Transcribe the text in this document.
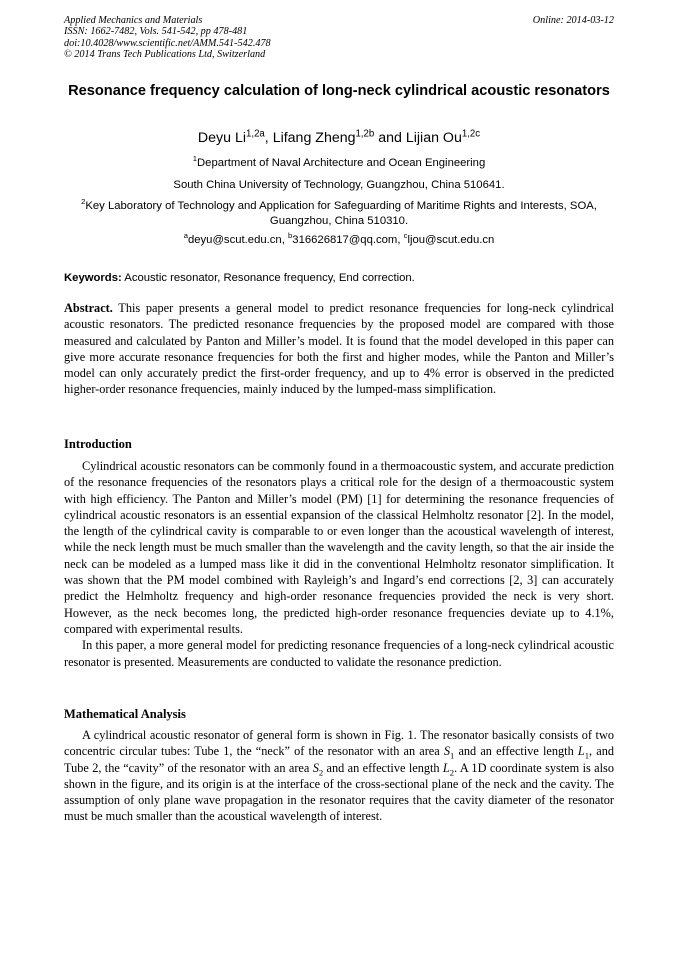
Applied Mechanics and Materials
ISSN: 1662-7482, Vols. 541-542, pp 478-481
doi:10.4028/www.scientific.net/AMM.541-542.478
© 2014 Trans Tech Publications Ltd, Switzerland
Online: 2014-03-12
Resonance frequency calculation of long-neck cylindrical acoustic resonators
Deyu $Li^{1,2a}$, Lifang Zheng$^{1,2b}$ and Lijian $Ou^{1,2c}$
$^1$Department of Naval Architecture and Ocean Engineering
South China University of Technology, Guangzhou, China 510641.
$^2$Key Laboratory of Technology and Application for Safeguarding of Maritime Rights and Interests, SOA, Guangzhou, China 510310.
$^a$deyu@scut.edu.cn, $^b$316626817@qq.com, $^c$ljou@scut.edu.cn
Keywords: Acoustic resonator, Resonance frequency, End correction.
Abstract. This paper presents a general model to predict resonance frequencies for long-neck cylindrical acoustic resonators. The predicted resonance frequencies by the proposed model are compared with those measured and calculated by Panton and Miller’s model. It is found that the model developed in this paper can give more accurate resonance frequencies for both the first and higher modes, while the Panton and Miller’s model can only accurately predict the first-order frequency, and up to 4% error is observed in the predicted higher-order resonance frequencies, mainly induced by the lumped-mass simplification.
Introduction

Cylindrical acoustic resonators can be commonly found in a thermoacoustic system, and accurate prediction of the resonance frequencies of the resonators plays a critical role for the design of a thermoacoustic system with high efficiency. The Panton and Miller’s model (PM) [1] for determining the resonance frequencies of cylindrical acoustic resonators is an essential expansion of the classical Helmholtz resonator [2]. In the model, the length of the cylindrical cavity is comparable to or even longer than the acoustical wavelength of interest, while the neck length must be much smaller than the wavelength and the cavity length, so that the air inside the neck can be modeled as a lumped mass like it did in the conventional Helmholtz resonator simplification. It was shown that the PM model combined with Rayleigh’s and Ingard’s end corrections [2, 3] can accurately predict the Helmholtz frequency and high-order resonance frequencies provided the neck is very short. However, as the neck becomes long, the predicted high-order resonance frequencies deviate up to 4.1%, compared with experimental results.

In this paper, a more general model for predicting resonance frequencies of a long-neck cylindrical acoustic resonator is presented. Measurements are conducted to validate the resonance prediction.

Mathematical Analysis

A cylindrical acoustic resonator of general form is shown in Fig. 1. The resonator basically consists of two concentric circular tubes: Tube 1, the “neck” of the resonator with an area $S_1$ and an effective length $L_1$, and Tube 2, the “cavity” of the resonator with an area $S_2$ and an effective length $L_2$. A 1D coordinate system is also shown in the figure, and its origin is at the interface of the cross-sectional plane of the neck and the cavity. The assumption of only plane wave propagation in the resonator requires that the cavity diameter of the resonator must be much smaller than the acoustical wavelength of interest.
